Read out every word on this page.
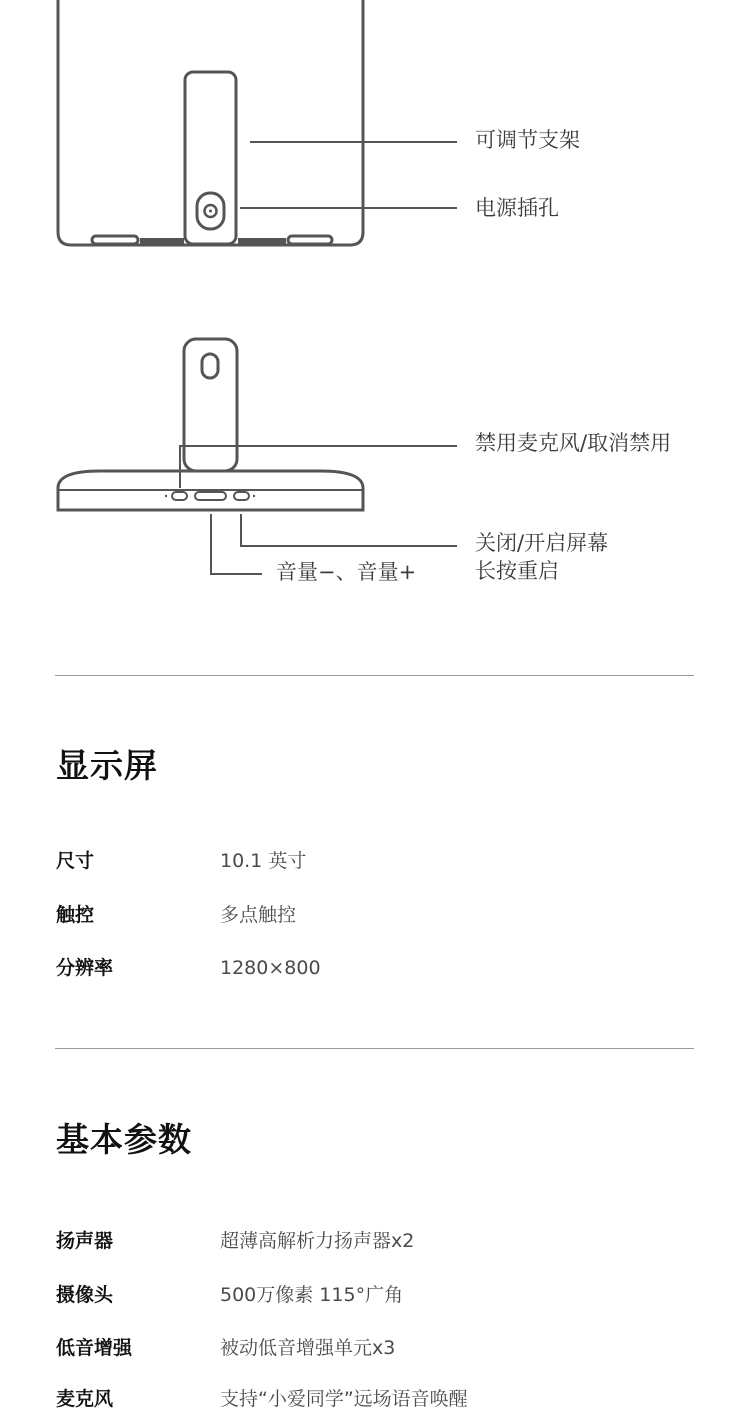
可调节支架
电源插孔
禁用麦克风/取消禁用
关闭/开启屏幕
长按重启
音量−、音量+
显示屏
尺寸	10.1 英寸
触控	多点触控
分辨率	1280×800
基本参数
扬声器	超薄高解析力扬声器x2
摄像头	500万像素 115°广角
低音增强	被动低音增强单元x3
麦克风	支持“小爱同学”远场语音唤醒
